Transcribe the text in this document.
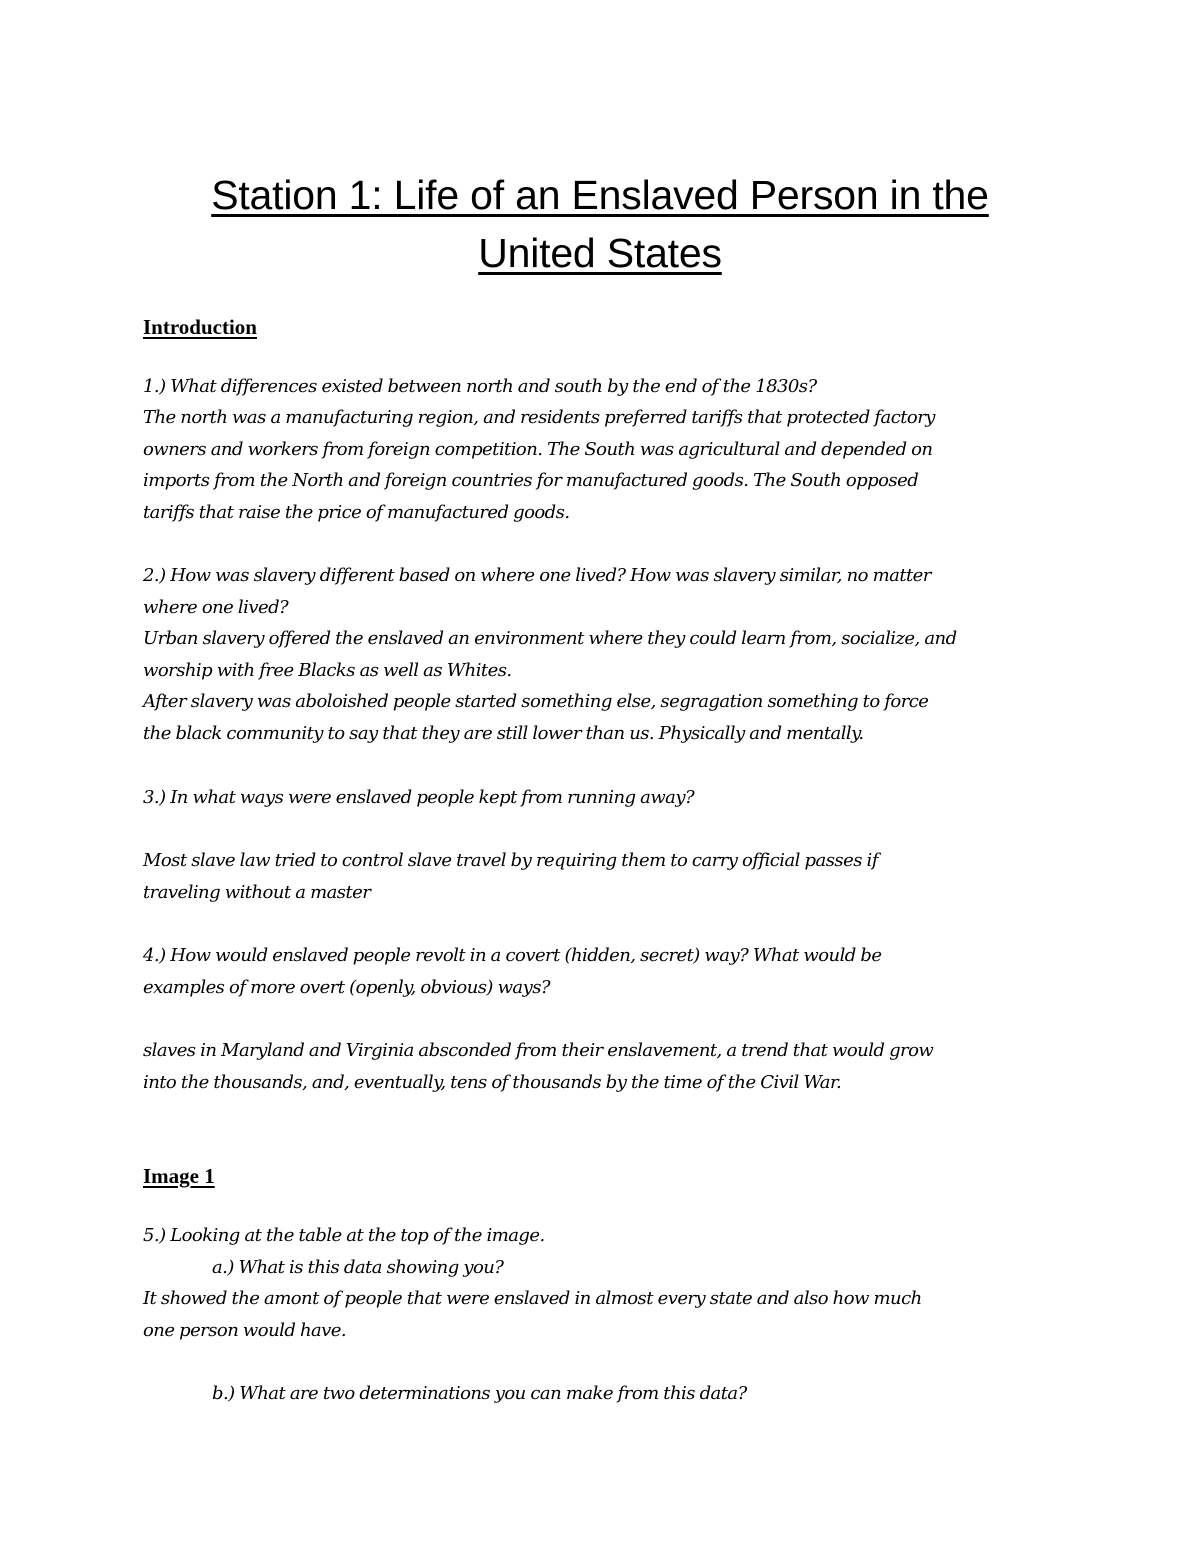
Station 1: Life of an Enslaved Person in the
United States
Introduction
1.) What differences existed between north and south by the end of the 1830s?
The north was a manufacturing region, and residents preferred tariffs that protected factory
owners and workers from foreign competition. The South was agricultural and depended on
imports from the North and foreign countries for manufactured goods. The South opposed
tariffs that raise the price of manufactured goods.
2.) How was slavery different based on where one lived? How was slavery similar, no matter
where one lived?
Urban slavery offered the enslaved an environment where they could learn from, socialize, and
worship with free Blacks as well as Whites.
After slavery was aboloished people started something else, segragation something to force
the black community to say that they are still lower than us. Physically and mentally.
3.) In what ways were enslaved people kept from running away?
Most slave law tried to control slave travel by requiring them to carry official passes if
traveling without a master
4.) How would enslaved people revolt in a covert (hidden, secret) way? What would be
examples of more overt (openly, obvious) ways?
slaves in Maryland and Virginia absconded from their enslavement, a trend that would grow
into the thousands, and, eventually, tens of thousands by the time of the Civil War.
Image 1
5.) Looking at the table at the top of the image.
a.) What is this data showing you?
It showed the amont of people that were enslaved in almost every state and also how much
one person would have.
b.) What are two determinations you can make from this data?
